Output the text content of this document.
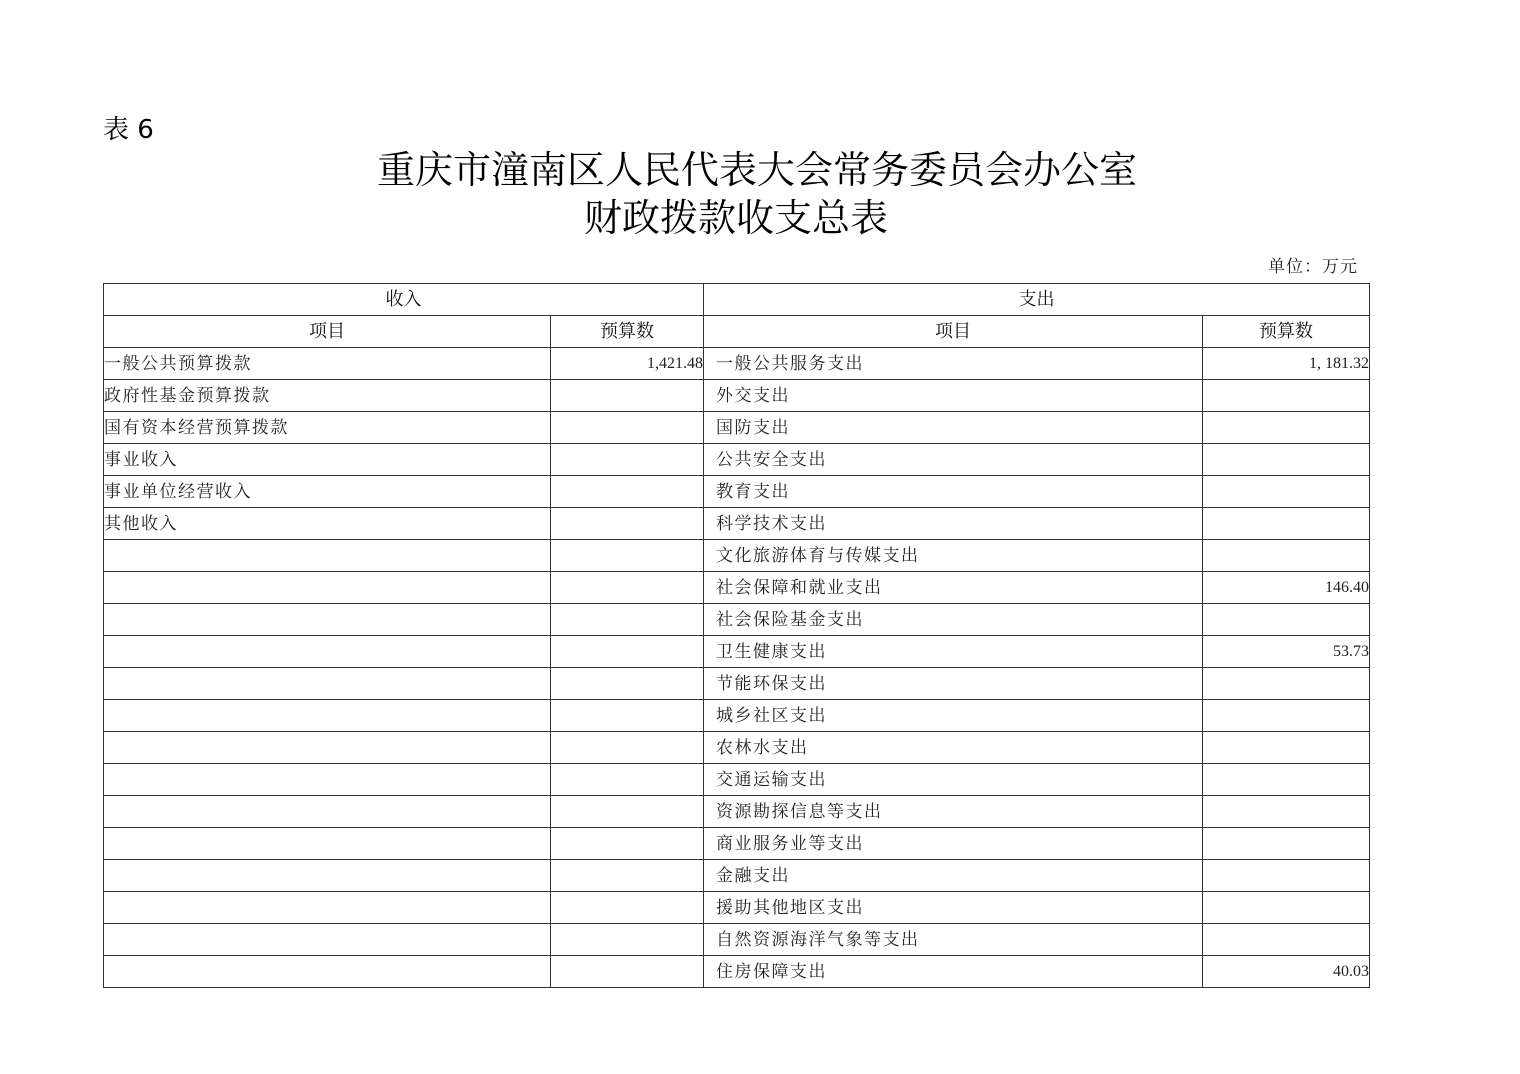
表 6
重庆市潼南区人民代表大会常务委员会办公室
财政拨款收支总表
单位：万元
收入		支出	
项目	预算数	项目	预算数
一般公共预算拨款	1,421.48	一般公共服务支出	1, 181.32
政府性基金预算拨款		外交支出	
国有资本经营预算拨款		国防支出	
事业收入		公共安全支出	
事业单位经营收入		教育支出	
其他收入		科学技术支出	
		文化旅游体育与传媒支出	
		社会保障和就业支出	146.40
		社会保险基金支出	
		卫生健康支出	53.73
		节能环保支出	
		城乡社区支出	
		农林水支出	
		交通运输支出	
		资源勘探信息等支出	
		商业服务业等支出	
		金融支出	
		援助其他地区支出	
		自然资源海洋气象等支出	
		住房保障支出	40.03
